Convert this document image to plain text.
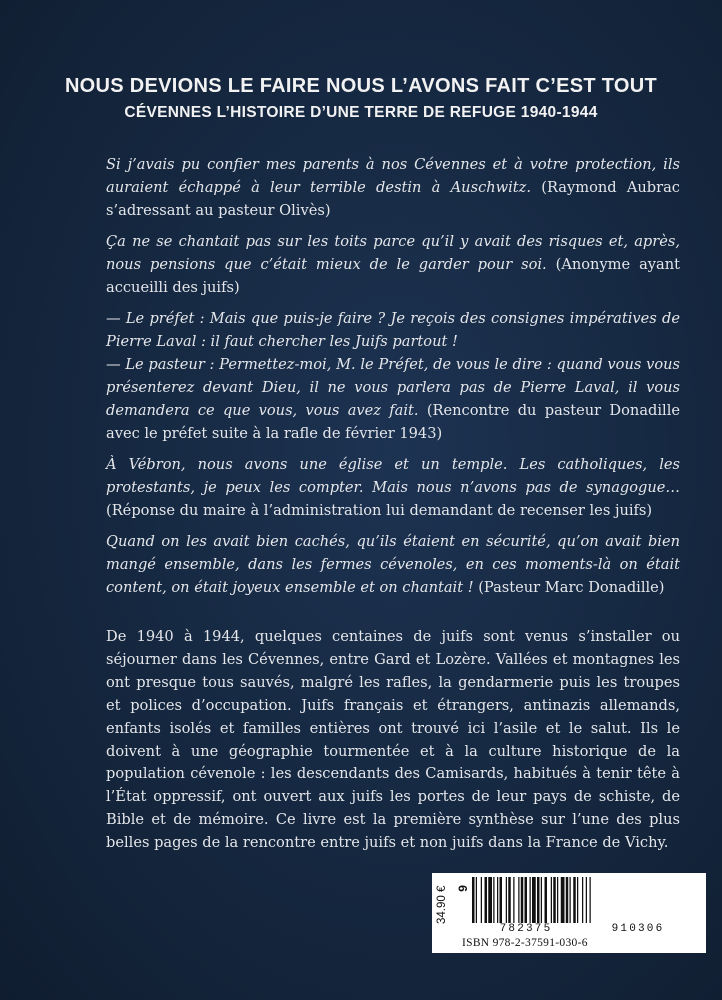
NOUS DEVIONS LE FAIRE NOUS L’AVONS FAIT C’EST TOUT
CÉVENNES L’HISTOIRE D’UNE TERRE DE REFUGE 1940-1944
Si j’avais pu confier mes parents à nos Cévennes et à votre protection, ils auraient échappé à leur terrible destin à Auschwitz. (Raymond Aubrac s’adressant au pasteur Olivès)
Ça ne se chantait pas sur les toits parce qu’il y avait des risques et, après, nous pensions que c’était mieux de le garder pour soi. (Anonyme ayant accueilli des juifs)

— Le préfet : Mais que puis-je faire ? Je reçois des consignes impératives de Pierre Laval : il faut chercher les Juifs partout !

— Le pasteur : Permettez-moi, M. le Préfet, de vous le dire : quand vous vous présenterez devant Dieu, il ne vous parlera pas de Pierre Laval, il vous demandera ce que vous, vous avez fait. (Rencontre du pasteur Donadille avec le préfet suite à la rafle de février 1943)

À Vébron, nous avons une église et un temple. Les catholiques, les protestants, je peux les compter. Mais nous n’avons pas de synagogue… (Réponse du maire à l’administration lui demandant de recenser les juifs)
Quand on les avait bien cachés, qu’ils étaient en sécurité, qu’on avait bien mangé ensemble, dans les fermes cévenoles, en ces moments-là on était content, on était joyeux ensemble et on chantait ! (Pasteur Marc Donadille)

De 1940 à 1944, quelques centaines de juifs sont venus s’installer ou séjourner dans les Cévennes, entre Gard et Lozère. Vallées et montagnes les ont presque tous sauvés, malgré les rafles, la gendarmerie puis les troupes et polices d’occupation. Juifs français et étrangers, antinazis allemands, enfants isolés et familles entières ont trouvé ici l’asile et le salut. Ils le doivent à une géographie tourmentée et à la culture historique de la population cévenole : les descendants des Camisards, habitués à tenir tête à l’État oppressif, ont ouvert aux juifs les portes de leur pays de schiste, de Bible et de mémoire. Ce livre est la première synthèse sur l’une des plus belles pages de la rencontre entre juifs et non juifs dans la France de Vichy.

34.90 € 9
782375	910306
ISBN 978-2-37591-030-6
